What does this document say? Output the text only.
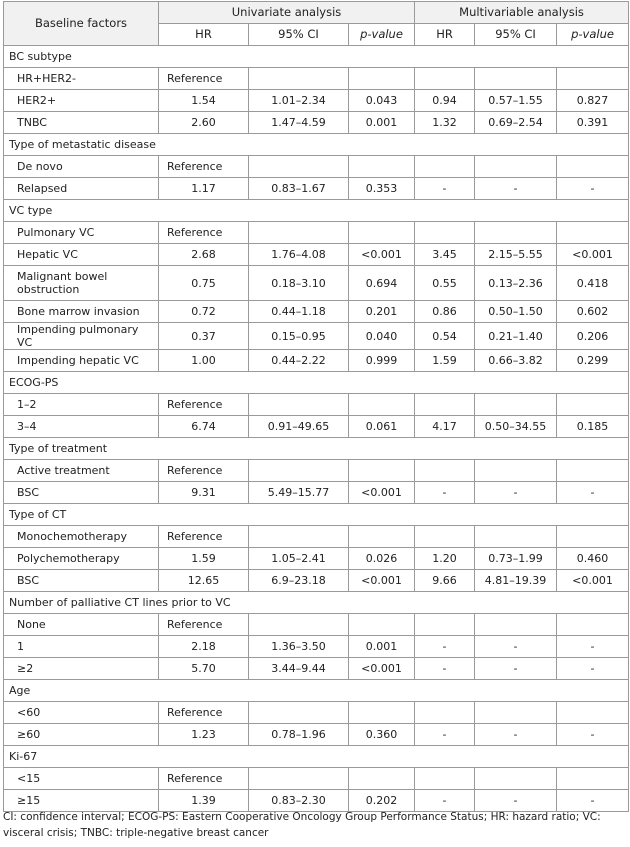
Baseline factors	Univariate analysis			Multivariable analysis		
	HR	95% CI	p-value	HR	95% CI	p-value
BC subtype						
HR+HER2-	Reference					
HER2+	1.54	1.01–2.34	0.043	0.94	0.57–1.55	0.827
TNBC	2.60	1.47–4.59	0.001	1.32	0.69–2.54	0.391
Type of metastatic disease						
De novo	Reference					
Relapsed	1.17	0.83–1.67	0.353	-	-	-
VC type						
Pulmonary VC	Reference					
Hepatic VC	2.68	1.76–4.08	<0.001	3.45	2.15–5.55	<0.001
Malignant bowel obstruction	0.75	0.18–3.10	0.694	0.55	0.13–2.36	0.418
Bone marrow invasion	0.72	0.44–1.18	0.201	0.86	0.50–1.50	0.602
Impending pulmonary VC	0.37	0.15–0.95	0.040	0.54	0.21–1.40	0.206
Impending hepatic VC	1.00	0.44–2.22	0.999	1.59	0.66–3.82	0.299
ECOG-PS						
1–2	Reference					
3–4	6.74	0.91–49.65	0.061	4.17	0.50–34.55	0.185
Type of treatment						
Active treatment	Reference					
BSC	9.31	5.49–15.77	<0.001	-	-	-
Type of CT						
Monochemotherapy	Reference					
Polychemotherapy	1.59	1.05–2.41	0.026	1.20	0.73–1.99	0.460
BSC	12.65	6.9–23.18	<0.001	9.66	4.81–19.39	<0.001
Number of palliative CT lines prior to VC						
None	Reference					
1	2.18	1.36–3.50	0.001	-	-	-
≥2	5.70	3.44–9.44	<0.001	-	-	-
Age						
<60	Reference					
≥60	1.23	0.78–1.96	0.360	-	-	-
Ki-67						
<15	Reference					
≥15	1.39	0.83–2.30	0.202	-	-	-
CI: confidence interval; ECOG-PS: Eastern Cooperative Oncology Group Performance Status; HR: hazard ratio; VC: visceral crisis; TNBC: triple-negative breast cancer
